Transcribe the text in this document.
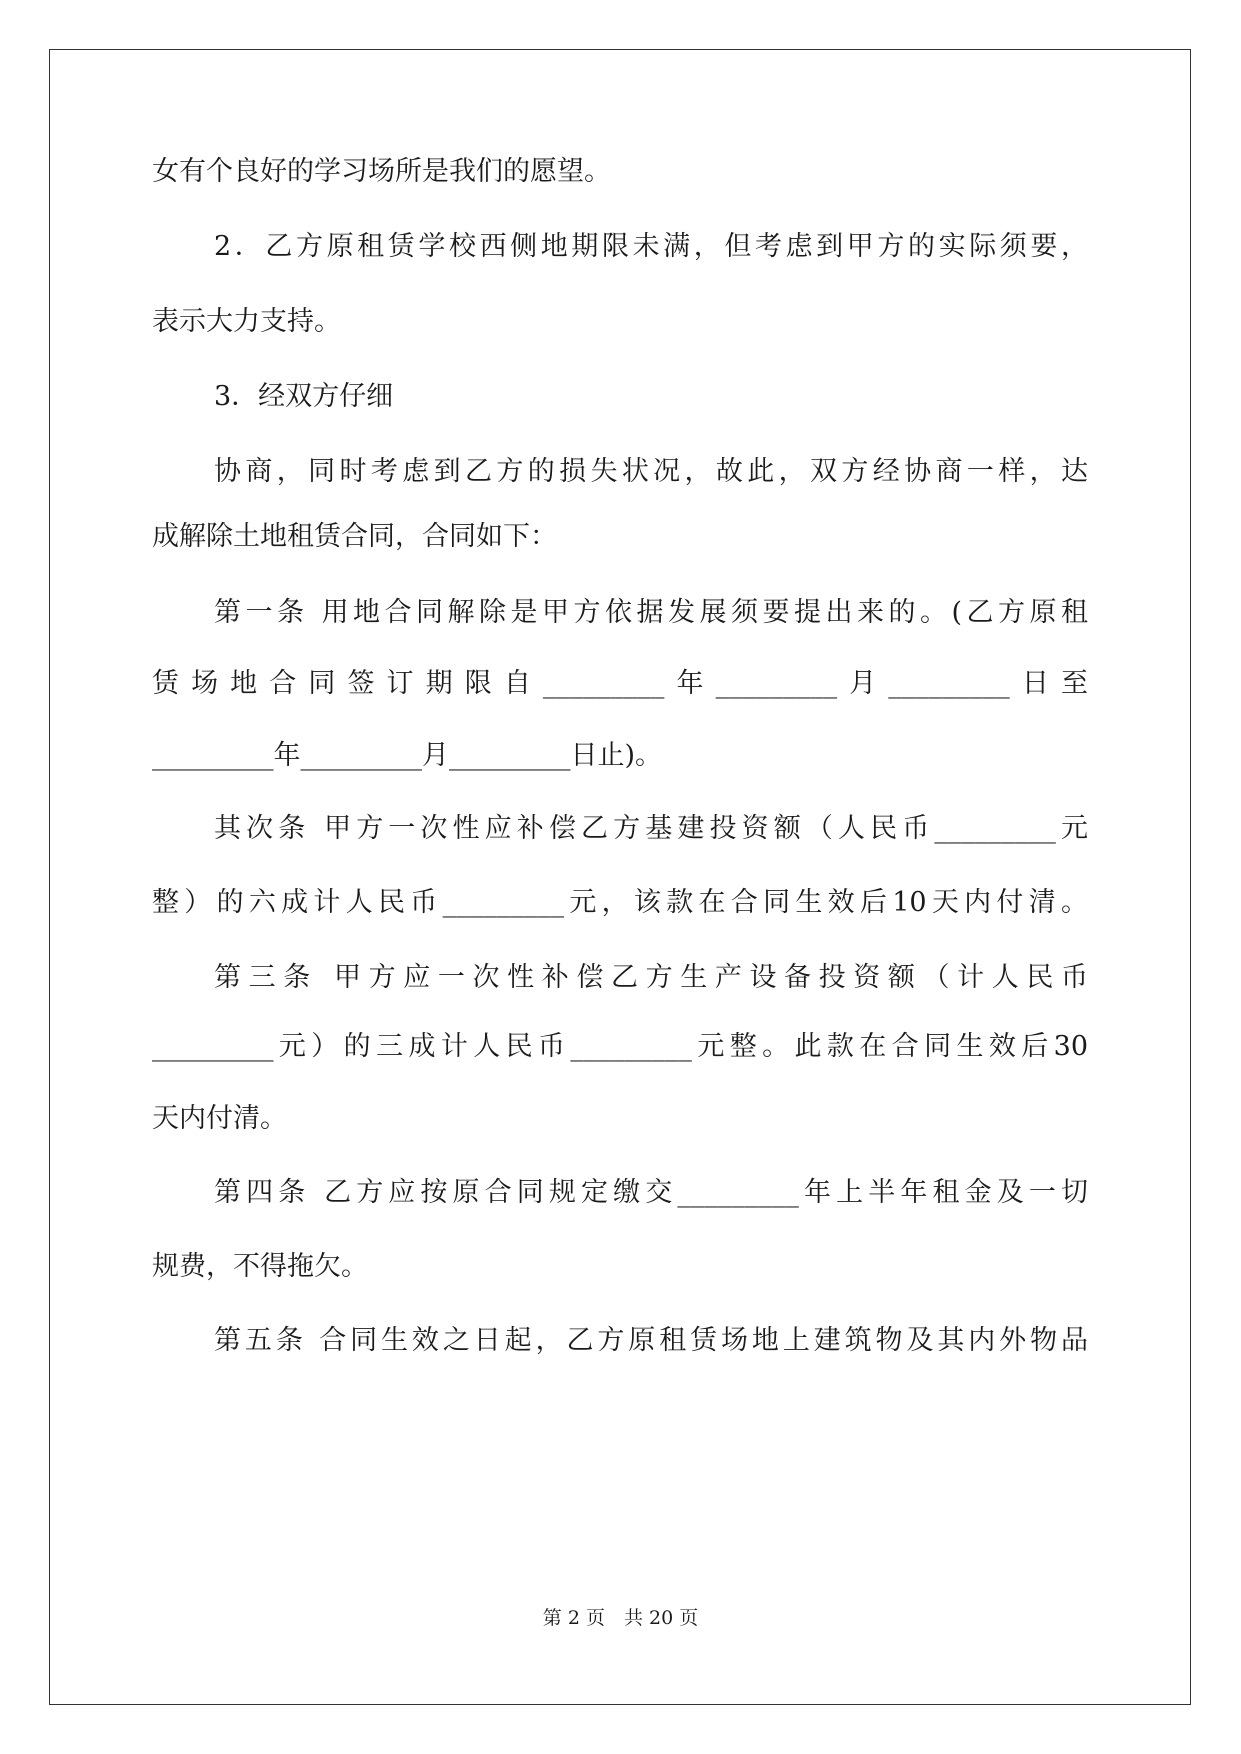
女有个良好的学习场所是我们的愿望。

2．乙方原租赁学校西侧地期限未满，但考虑到甲方的实际须要，

表示大力支持。

3．经双方仔细

协商，同时考虑到乙方的损失状况，故此，双方经协商一样，达

成解除土地租赁合同，合同如下：

第一条 用地合同解除是甲方依据发展须要提出来的。(乙方原租

赁场地合同签订期限自_________年_________月_________日至

_________年_________月_________日止)。

其次条 甲方一次性应补偿乙方基建投资额（人民币_________元

整）的六成计人民币_________元，该款在合同生效后10天内付清。

第三条 甲方应一次性补偿乙方生产设备投资额（计人民币

_________元）的三成计人民币_________元整。此款在合同生效后30

天内付清。

第四条 乙方应按原合同规定缴交_________年上半年租金及一切

规费，不得拖欠。

第五条 合同生效之日起，乙方原租赁场地上建筑物及其内外物品

第 2 页　共 20 页
